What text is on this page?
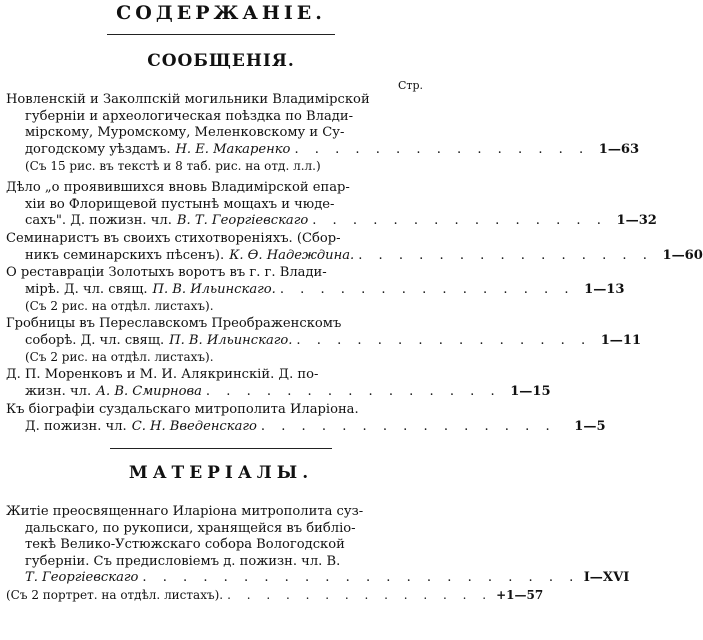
СОДЕРЖАНІЕ.
СООБЩЕНІЯ.
Стр.
Новленскій и Заколпскій могильники Владимірской
губерніи и археологическая поѣздка по Влади-
мірскому, Муромскому, Меленковскому и Су-
догодскому уѣздамъ. Н. Е. Макаренко . . . . . . . . . . . . . . . 1—63
(Съ 15 рис. въ текстѣ и 8 таб. рис. на отд. л.л.)
Дѣло „о проявившихся вновь Владимірской епар-
хіи во Флорищевой пустынѣ мощахъ и чюде-
сахъ". Д. пожизн. чл. В. Т. Георгіевскаго . . . . . . . . . . . . . . . 1—32
Семинаристъ въ своихъ стихотвореніяхъ. (Сбор-
никъ семинарскихъ пѣсенъ). К. Ѳ. Надеждина. . . . . . . . . . . . . . . . 1—60
О реставраціи Золотыхъ воротъ въ г. г. Влади-
мірѣ. Д. чл. свящ. П. В. Ильинскаго. . . . . . . . . . . . . . . . 1—13
(Съ 2 рис. на отдѣл. листахъ).
Гробницы въ Переславскомъ Преображенскомъ
соборѣ. Д. чл. свящ. П. В. Ильинскаго. . . . . . . . . . . . . . . . 1—11
(Съ 2 рис. на отдѣл. листахъ).
Д. П. Моренковъ и М. И. Алякринскій. Д. по-
жизн. чл. А. В. Смирнова . . . . . . . . . . . . . . . 1—15
Къ біографіи суздальскаго митрополита Иларіона.
Д. пожизн. чл. С. Н. Введенскаго . . . . . . . . . . . . . . .	1—5
МАТЕРІАЛЫ.
Житіе преосвященнаго Иларіона митрополита суз-
дальскаго, по рукописи, хранящейся въ библіо-
текѣ Велико-Устюжскаго собора Вологодской
губерніи. Съ предисловіемъ д. пожизн. чл. В.
Т. Георгіевскаго . . . . . . . . . . . . . . . . . . . . . . I—XVI
(Съ 2 портрет. на отдѣл. листахъ). . . . . . . . . . . . . . . +1—57
